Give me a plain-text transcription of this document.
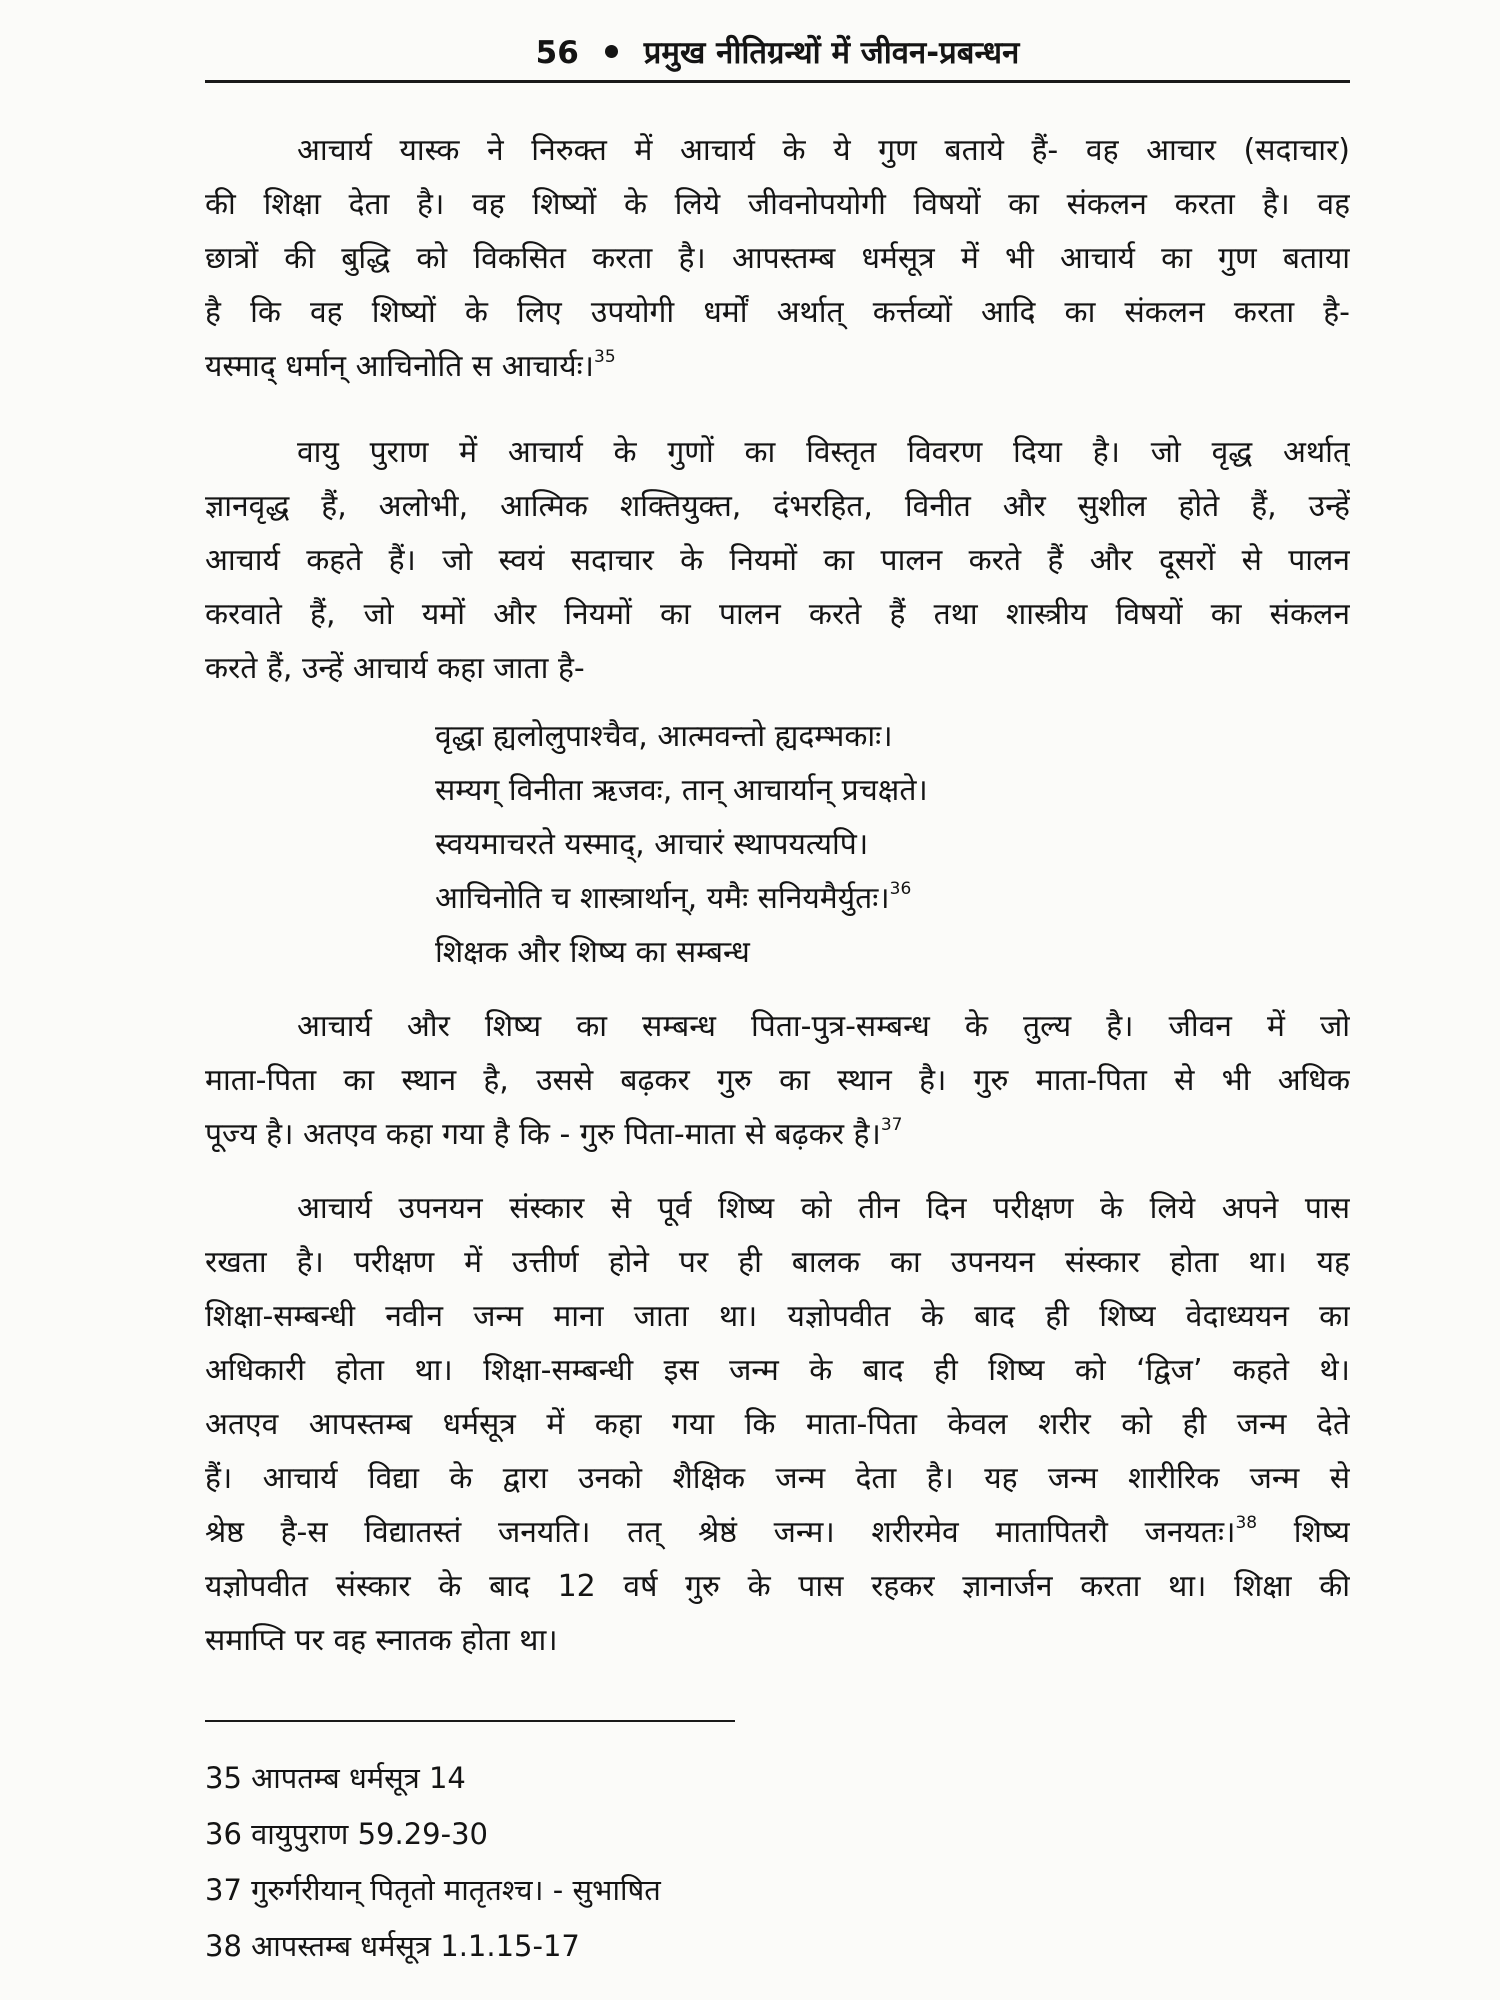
56 प्रमुख नीतिग्रन्थों में जीवन-प्रबन्धन
आचार्य यास्क ने निरुक्त में आचार्य के ये गुण बताये हैं- वह आचार (सदाचार)
की शिक्षा देता है। वह शिष्यों के लिये जीवनोपयोगी विषयों का संकलन करता है। वह
छात्रों की बुद्धि को विकसित करता है। आपस्तम्ब धर्मसूत्र में भी आचार्य का गुण बताया
है कि वह शिष्यों के लिए उपयोगी धर्मों अर्थात् कर्त्तव्यों आदि का संकलन करता है-
यस्माद् धर्मान् आचिनोति स आचार्यः।$^{35}$
वायु पुराण में आचार्य के गुणों का विस्तृत विवरण दिया है। जो वृद्ध अर्थात्
ज्ञानवृद्ध हैं, अलोभी, आत्मिक शक्तियुक्त, दंभरहित, विनीत और सुशील होते हैं, उन्हें
आचार्य कहते हैं। जो स्वयं सदाचार के नियमों का पालन करते हैं और दूसरों से पालन
करवाते हैं, जो यमों और नियमों का पालन करते हैं तथा शास्त्रीय विषयों का संकलन
करते हैं, उन्हें आचार्य कहा जाता है-
वृद्धा ह्यलोलुपाश्चैव, आत्मवन्तो ह्यदम्भकाः।
सम्यग् विनीता ऋजवः, तान् आचार्यान् प्रचक्षते।
स्वयमाचरते यस्माद्, आचारं स्थापयत्यपि।
आचिनोति च शास्त्रार्थान्, यमैः सनियमैर्युतः।$^{36}$
शिक्षक और शिष्य का सम्बन्ध
आचार्य और शिष्य का सम्बन्ध पिता-पुत्र-सम्बन्ध के तुल्य है। जीवन में जो
माता-पिता का स्थान है, उससे बढ़कर गुरु का स्थान है। गुरु माता-पिता से भी अधिक
पूज्य है। अतएव कहा गया है कि - गुरु पिता-माता से बढ़कर है।$^{37}$
आचार्य उपनयन संस्कार से पूर्व शिष्य को तीन दिन परीक्षण के लिये अपने पास
रखता है। परीक्षण में उत्तीर्ण होने पर ही बालक का उपनयन संस्कार होता था। यह
शिक्षा-सम्बन्धी नवीन जन्म माना जाता था। यज्ञोपवीत के बाद ही शिष्य वेदाध्ययन का
अधिकारी होता था। शिक्षा-सम्बन्धी इस जन्म के बाद ही शिष्य को ‘द्विज’ कहते थे।
अतएव आपस्तम्ब धर्मसूत्र में कहा गया कि माता-पिता केवल शरीर को ही जन्म देते
हैं। आचार्य विद्या के द्वारा उनको शैक्षिक जन्म देता है। यह जन्म शारीरिक जन्म से
श्रेष्ठ है-स विद्यातस्तं जनयति। तत् श्रेष्ठं जन्म। शरीरमेव मातापितरौ जनयतः।$^{38}$ शिष्य
यज्ञोपवीत संस्कार के बाद 12 वर्ष गुरु के पास रहकर ज्ञानार्जन करता था। शिक्षा की
समाप्ति पर वह स्नातक होता था।
35 आपतम्ब धर्मसूत्र 14
36 वायुपुराण 59.29-30
37 गुरुर्गरीयान् पितृतो मातृतश्च। - सुभाषित
38 आपस्तम्ब धर्मसूत्र 1.1.15-17
